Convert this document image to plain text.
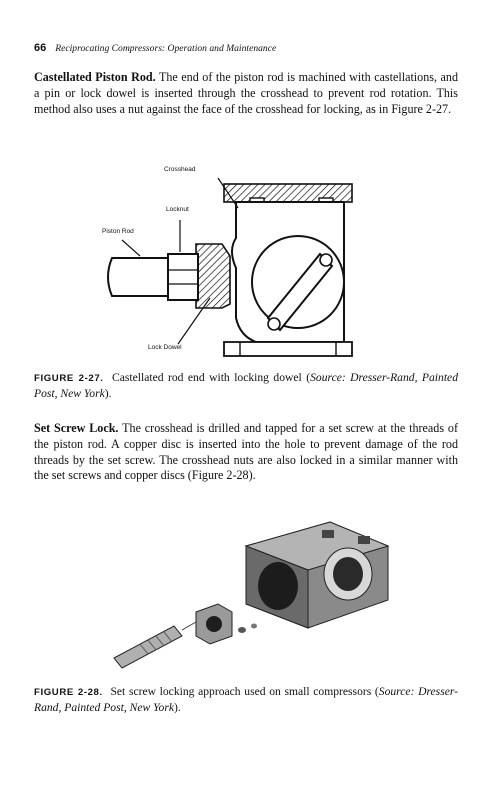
66 Reciprocating Compressors: Operation and Maintenance

Castellated Piston Rod. The end of the piston rod is machined with castellations, and a pin or lock dowel is inserted through the crosshead to prevent rod rotation. This method also uses a nut against the face of the crosshead for locking, as in Figure 2-27.

Crosshead
Locknut
Piston Rod
Lock Dowel

FIGURE 2-27. Castellated rod end with locking dowel (Source: Dresser-Rand, Painted Post, New York).

Set Screw Lock. The crosshead is drilled and tapped for a set screw at the threads of the piston rod. A copper disc is inserted into the hole to prevent damage of the rod threads by the set screw. The crosshead nuts are also locked in a similar manner with the set screws and copper discs (Figure 2-28).

FIGURE 2-28. Set screw locking approach used on small compressors (Source: Dresser-Rand, Painted Post, New York).
